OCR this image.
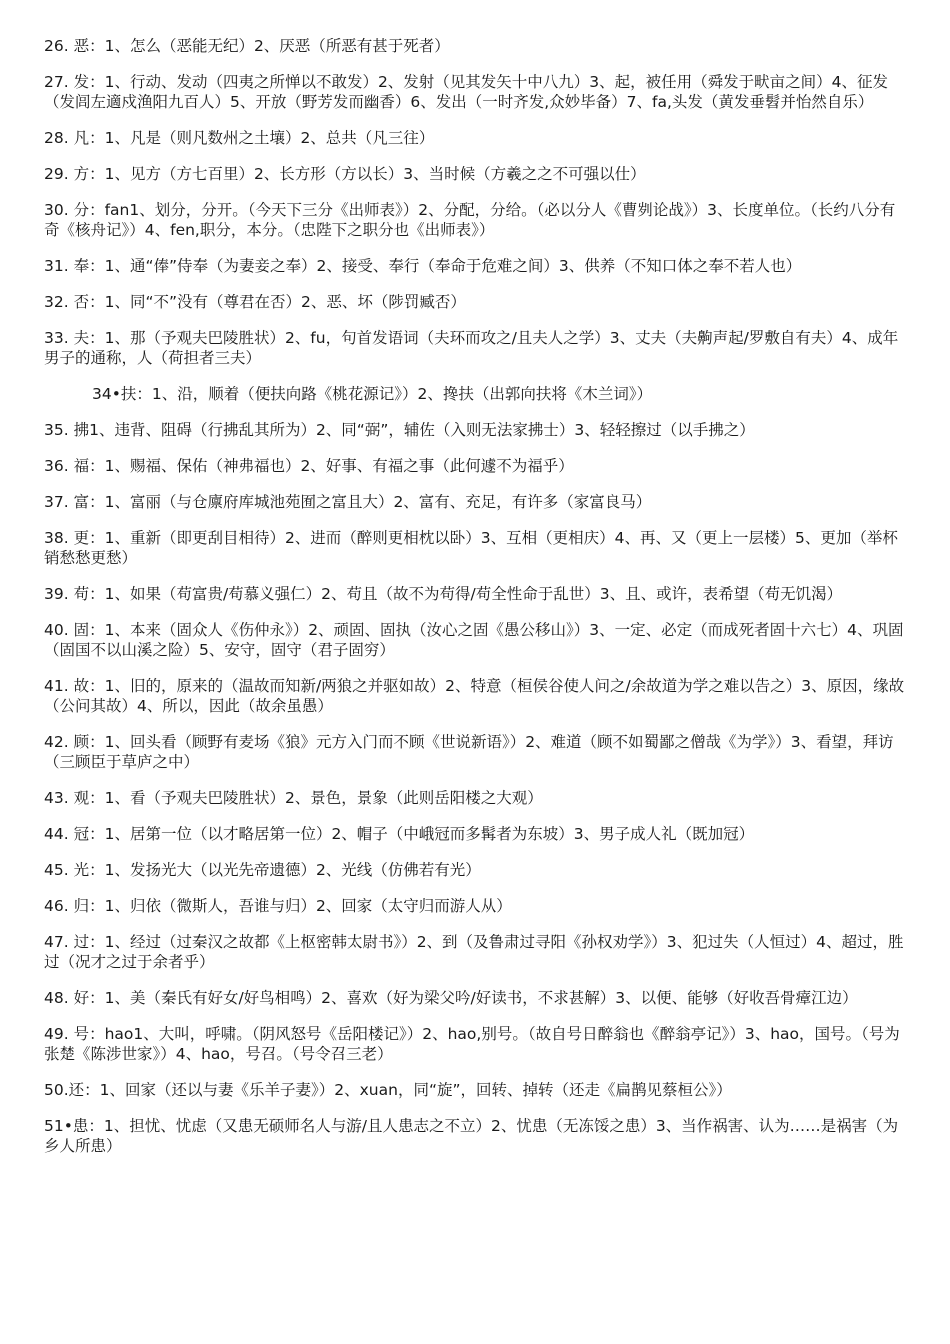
26. 恶：1、怎么（恶能无纪）2、厌恶（所恶有甚于死者）

27. 发：1、行动、发动（四夷之所惮以不敢发）2、发射（见其发矢十中八九）3、起，被任用（舜发于畎亩之间）4、征发（发闾左適戍渔阳九百人）5、开放（野芳发而幽香）6、发出（一时齐发,众妙毕备）7、fa,头发（黄发垂髫并怡然自乐）

28. 凡：1、凡是（则凡数州之土壤）2、总共（凡三往）

29. 方：1、见方（方七百里）2、长方形（方以长）3、当时候（方羲之之不可强以仕）

30. 分：fan1、划分，分开。（今天下三分《出师表》）2、分配，分给。（必以分人《曹刿论战》）3、长度单位。（长约八分有奇《核舟记》）4、fen,职分，本分。（忠陛下之职分也《出师表》）

31. 奉：1、通“俸”侍奉（为妻妾之奉）2、接受、奉行（奉命于危难之间）3、供养（不知口体之奉不若人也）

32. 否：1、同“不”没有（尊君在否）2、恶、坏（陟罚臧否）

33. 夫：1、那（予观夫巴陵胜状）2、fu，句首发语词（夫环而攻之/且夫人之学）3、丈夫（夫齁声起/罗敷自有夫）4、成年男子的通称，人（荷担者三夫）

34•扶：1、沿，顺着（便扶向路《桃花源记》）2、搀扶（出郭向扶将《木兰词》）

35. 拂1、违背、阻碍（行拂乱其所为）2、同“弼”，辅佐（入则无法家拂士）3、轻轻擦过（以手拂之）

36. 福：1、赐福、保佑（神弗福也）2、好事、有福之事（此何遽不为福乎）

37. 富：1、富丽（与仓廪府库城池苑囿之富且大）2、富有、充足，有许多（家富良马）

38. 更：1、重新（即更刮目相待）2、进而（醉则更相枕以卧）3、互相（更相庆）4、再、又（更上一层楼）5、更加（举杯销愁愁更愁）

39. 苟：1、如果（苟富贵/苟慕义强仁）2、苟且（故不为苟得/苟全性命于乱世）3、且、或许，表希望（苟无饥渴）

40. 固：1、本来（固众人《伤仲永》）2、顽固、固执（汝心之固《愚公移山》）3、一定、必定（而成死者固十六七）4、巩固（固国不以山溪之险）5、安守，固守（君子固穷）

41. 故：1、旧的，原来的（温故而知新/两狼之并驱如故）2、特意（桓侯谷使人问之/余故道为学之难以告之）3、原因，缘故（公问其故）4、所以，因此（故余虽愚）

42. 顾：1、回头看（顾野有麦场《狼》元方入门而不顾《世说新语》）2、难道（顾不如蜀鄙之僧哉《为学》）3、看望，拜访（三顾臣于草庐之中）

43. 观：1、看（予观夫巴陵胜状）2、景色，景象（此则岳阳楼之大观）

44. 冠：1、居第一位（以才略居第一位）2、帽子（中峨冠而多髯者为东坡）3、男子成人礼（既加冠）

45. 光：1、发扬光大（以光先帝遗德）2、光线（仿佛若有光）

46. 归：1、归依（微斯人，吾谁与归）2、回家（太守归而游人从）

47. 过：1、经过（过秦汉之故都《上枢密韩太尉书》）2、到（及鲁肃过寻阳《孙权劝学》）3、犯过失（人恒过）4、超过，胜过（况才之过于余者乎）

48. 好：1、美（秦氏有好女/好鸟相鸣）2、喜欢（好为梁父吟/好读书，不求甚解）3、以便、能够（好收吾骨瘴江边）

49. 号：hao1、大叫，呼啸。（阴风怒号《岳阳楼记》）2、hao,别号。（故自号日醉翁也《醉翁亭记》）3、hao，国号。（号为张楚《陈涉世家》）4、hao，号召。（号令召三老）

50.还：1、回家（还以与妻《乐羊子妻》）2、xuan，同“旋”，回转、掉转（还走《扁鹊见蔡桓公》）

51•患：1、担忧、忧虑（又患无硕师名人与游/且人患志之不立）2、忧患（无冻馁之患）3、当作祸害、认为……是祸害（为乡人所患）
